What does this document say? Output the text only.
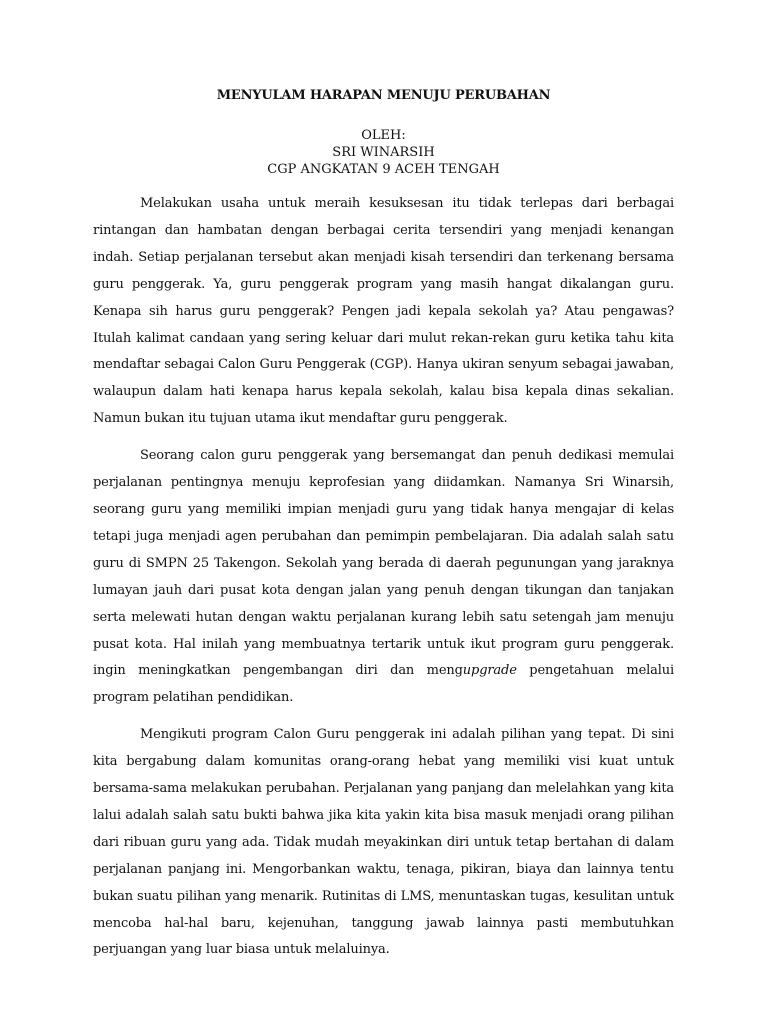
MENYULAM HARAPAN MENUJU PERUBAHAN
OLEH:
SRI WINARSIH
CGP ANGKATAN 9 ACEH TENGAH

Melakukan usaha untuk meraih kesuksesan itu tidak terlepas dari berbagai rintangan dan hambatan dengan berbagai cerita tersendiri yang menjadi kenangan indah. Setiap perjalanan tersebut akan menjadi kisah tersendiri dan terkenang bersama guru penggerak. Ya, guru penggerak program yang masih hangat dikalangan guru. Kenapa sih harus guru penggerak? Pengen jadi kepala sekolah ya? Atau pengawas? Itulah kalimat candaan yang sering keluar dari mulut rekan-rekan guru ketika tahu kita mendaftar sebagai Calon Guru Penggerak (CGP). Hanya ukiran senyum sebagai jawaban, walaupun dalam hati kenapa harus kepala sekolah, kalau bisa kepala dinas sekalian. Namun bukan itu tujuan utama ikut mendaftar guru penggerak.

Seorang calon guru penggerak yang bersemangat dan penuh dedikasi memulai perjalanan pentingnya menuju keprofesian yang diidamkan. Namanya Sri Winarsih, seorang guru yang memiliki impian menjadi guru yang tidak hanya mengajar di kelas tetapi juga menjadi agen perubahan dan pemimpin pembelajaran. Dia adalah salah satu guru di SMPN 25 Takengon. Sekolah yang berada di daerah pegunungan yang jaraknya lumayan jauh dari pusat kota dengan jalan yang penuh dengan tikungan dan tanjakan serta melewati hutan dengan waktu perjalanan kurang lebih satu setengah jam menuju pusat kota. Hal inilah yang membuatnya tertarik untuk ikut program guru penggerak. ingin meningkatkan pengembangan diri dan mengupgrade pengetahuan melalui program pelatihan pendidikan.

Mengikuti program Calon Guru penggerak ini adalah pilihan yang tepat. Di sini kita bergabung dalam komunitas orang-orang hebat yang memiliki visi kuat untuk bersama-sama melakukan perubahan. Perjalanan yang panjang dan melelahkan yang kita lalui adalah salah satu bukti bahwa jika kita yakin kita bisa masuk menjadi orang pilihan dari ribuan guru yang ada. Tidak mudah meyakinkan diri untuk tetap bertahan di dalam perjalanan panjang ini. Mengorbankan waktu, tenaga, pikiran, biaya dan lainnya tentu bukan suatu pilihan yang menarik. Rutinitas di LMS, menuntaskan tugas, kesulitan untuk mencoba hal-hal baru, kejenuhan, tanggung jawab lainnya pasti membutuhkan perjuangan yang luar biasa untuk melaluinya.
